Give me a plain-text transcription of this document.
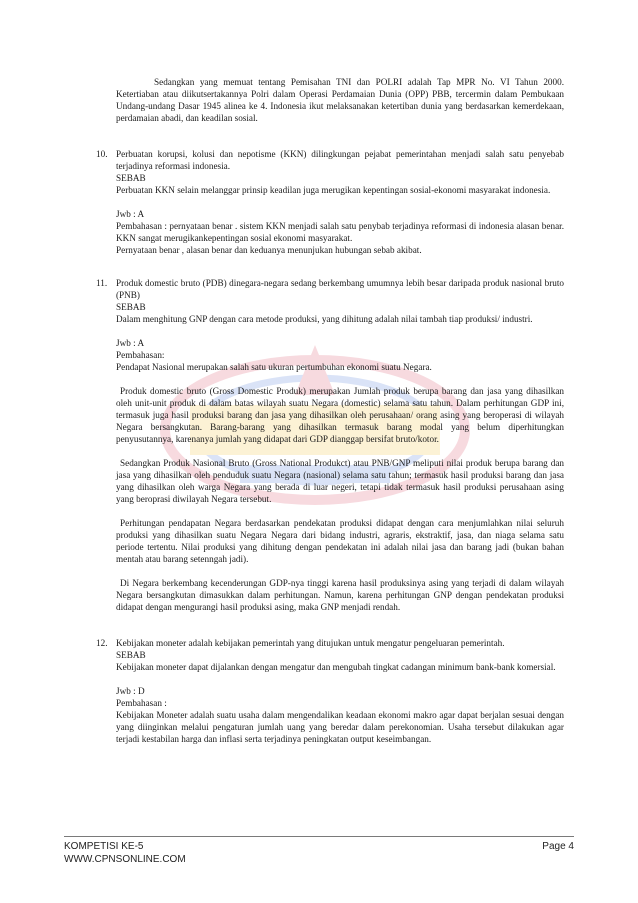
Sedangkan yang memuat tentang Pemisahan TNI dan POLRI adalah Tap MPR No. VI Tahun 2000. Ketertiaban atau diikutsertakannya Polri dalam Operasi Perdamaian Dunia (OPP) PBB, tercermin dalam Pembukaan Undang-undang Dasar 1945 alinea ke 4. Indonesia ikut melaksanakan ketertiban dunia yang berdasarkan kemerdekaan, perdamaian abadi, dan keadilan sosial.
10. Perbuatan korupsi, kolusi dan nepotisme (KKN) dilingkungan pejabat pemerintahan menjadi salah satu penyebab terjadinya reformasi indonesia.

SEBAB

Perbuatan KKN selain melanggar prinsip keadilan juga merugikan kepentingan sosial-ekonomi masyarakat indonesia.

Jwb : A

Pembahasan : pernyataan benar . sistem KKN menjadi salah satu penybab terjadinya reformasi di indonesia alasan benar. KKN sangat merugikankepentingan sosial ekonomi masyarakat.

Pernyataan benar , alasan benar dan keduanya menunjukan hubungan sebab akibat.

11. Produk domestic bruto (PDB) dinegara-negara sedang berkembang umumnya lebih besar daripada produk nasional bruto (PNB)

SEBAB

Dalam menghitung GNP dengan cara metode produksi, yang dihitung adalah nilai tambah tiap produksi/ industri.

Jwb : A

Pembahasan:

Pendapat Nasional merupakan salah satu ukuran pertumbuhan ekonomi suatu Negara.

Produk domestic bruto (Gross Domestic Produk) merupakan Jumlah produk berupa barang dan jasa yang dihasilkan oleh unit-unit produk di dalam batas wilayah suatu Negara (domestic) selama satu tahun. Dalam perhitungan GDP ini, termasuk juga hasil produksi barang dan jasa yang dihasilkan oleh perusahaan/ orang asing yang beroperasi di wilayah Negara bersangkutan. Barang-barang yang dihasilkan termasuk barang modal yang belum diperhitungkan penyusutannya, karenanya jumlah yang didapat dari GDP dianggap bersifat bruto/kotor.

Sedangkan Produk Nasional Bruto (Gross National Produkct) atau PNB/GNP meliputi nilai produk berupa barang dan jasa yang dihasilkan oleh penduduk suatu Negara (nasional) selama satu tahun; termasuk hasil produksi barang dan jasa yang dihasilkan oleh warga Negara yang berada di luar negeri, tetapi tidak termasuk hasil produksi perusahaan asing yang beroprasi diwilayah Negara tersebut.

Perhitungan pendapatan Negara berdasarkan pendekatan produksi didapat dengan cara menjumlahkan nilai seluruh produksi yang dihasilkan suatu Negara Negara dari bidang industri, agraris, ekstraktif, jasa, dan niaga selama satu periode tertentu. Nilai produksi yang dihitung dengan pendekatan ini adalah nilai jasa dan barang jadi (bukan bahan mentah atau barang setenngah jadi).

Di Negara berkembang kecenderungan GDP-nya tinggi karena hasil produksinya asing yang terjadi di dalam wilayah Negara bersangkutan dimasukkan dalam perhitungan. Namun, karena perhitungan GNP dengan pendekatan produksi didapat dengan mengurangi hasil produksi asing, maka GNP menjadi rendah.

12. Kebijakan moneter adalah kebijakan pemerintah yang ditujukan untuk mengatur pengeluaran pemerintah.

SEBAB

Kebijakan moneter dapat dijalankan dengan mengatur dan mengubah tingkat cadangan minimum bank-bank komersial.

Jwb : D

Pembahasan :

Kebijakan Moneter adalah suatu usaha dalam mengendalikan keadaan ekonomi makro agar dapat berjalan sesuai dengan yang diinginkan melalui pengaturan jumlah uang yang beredar dalam perekonomian. Usaha tersebut dilakukan agar terjadi kestabilan harga dan inflasi serta terjadinya peningkatan output keseimbangan.

KOMPETISI KE-5
WWW.CPNSONLINE.COM
Page 4
